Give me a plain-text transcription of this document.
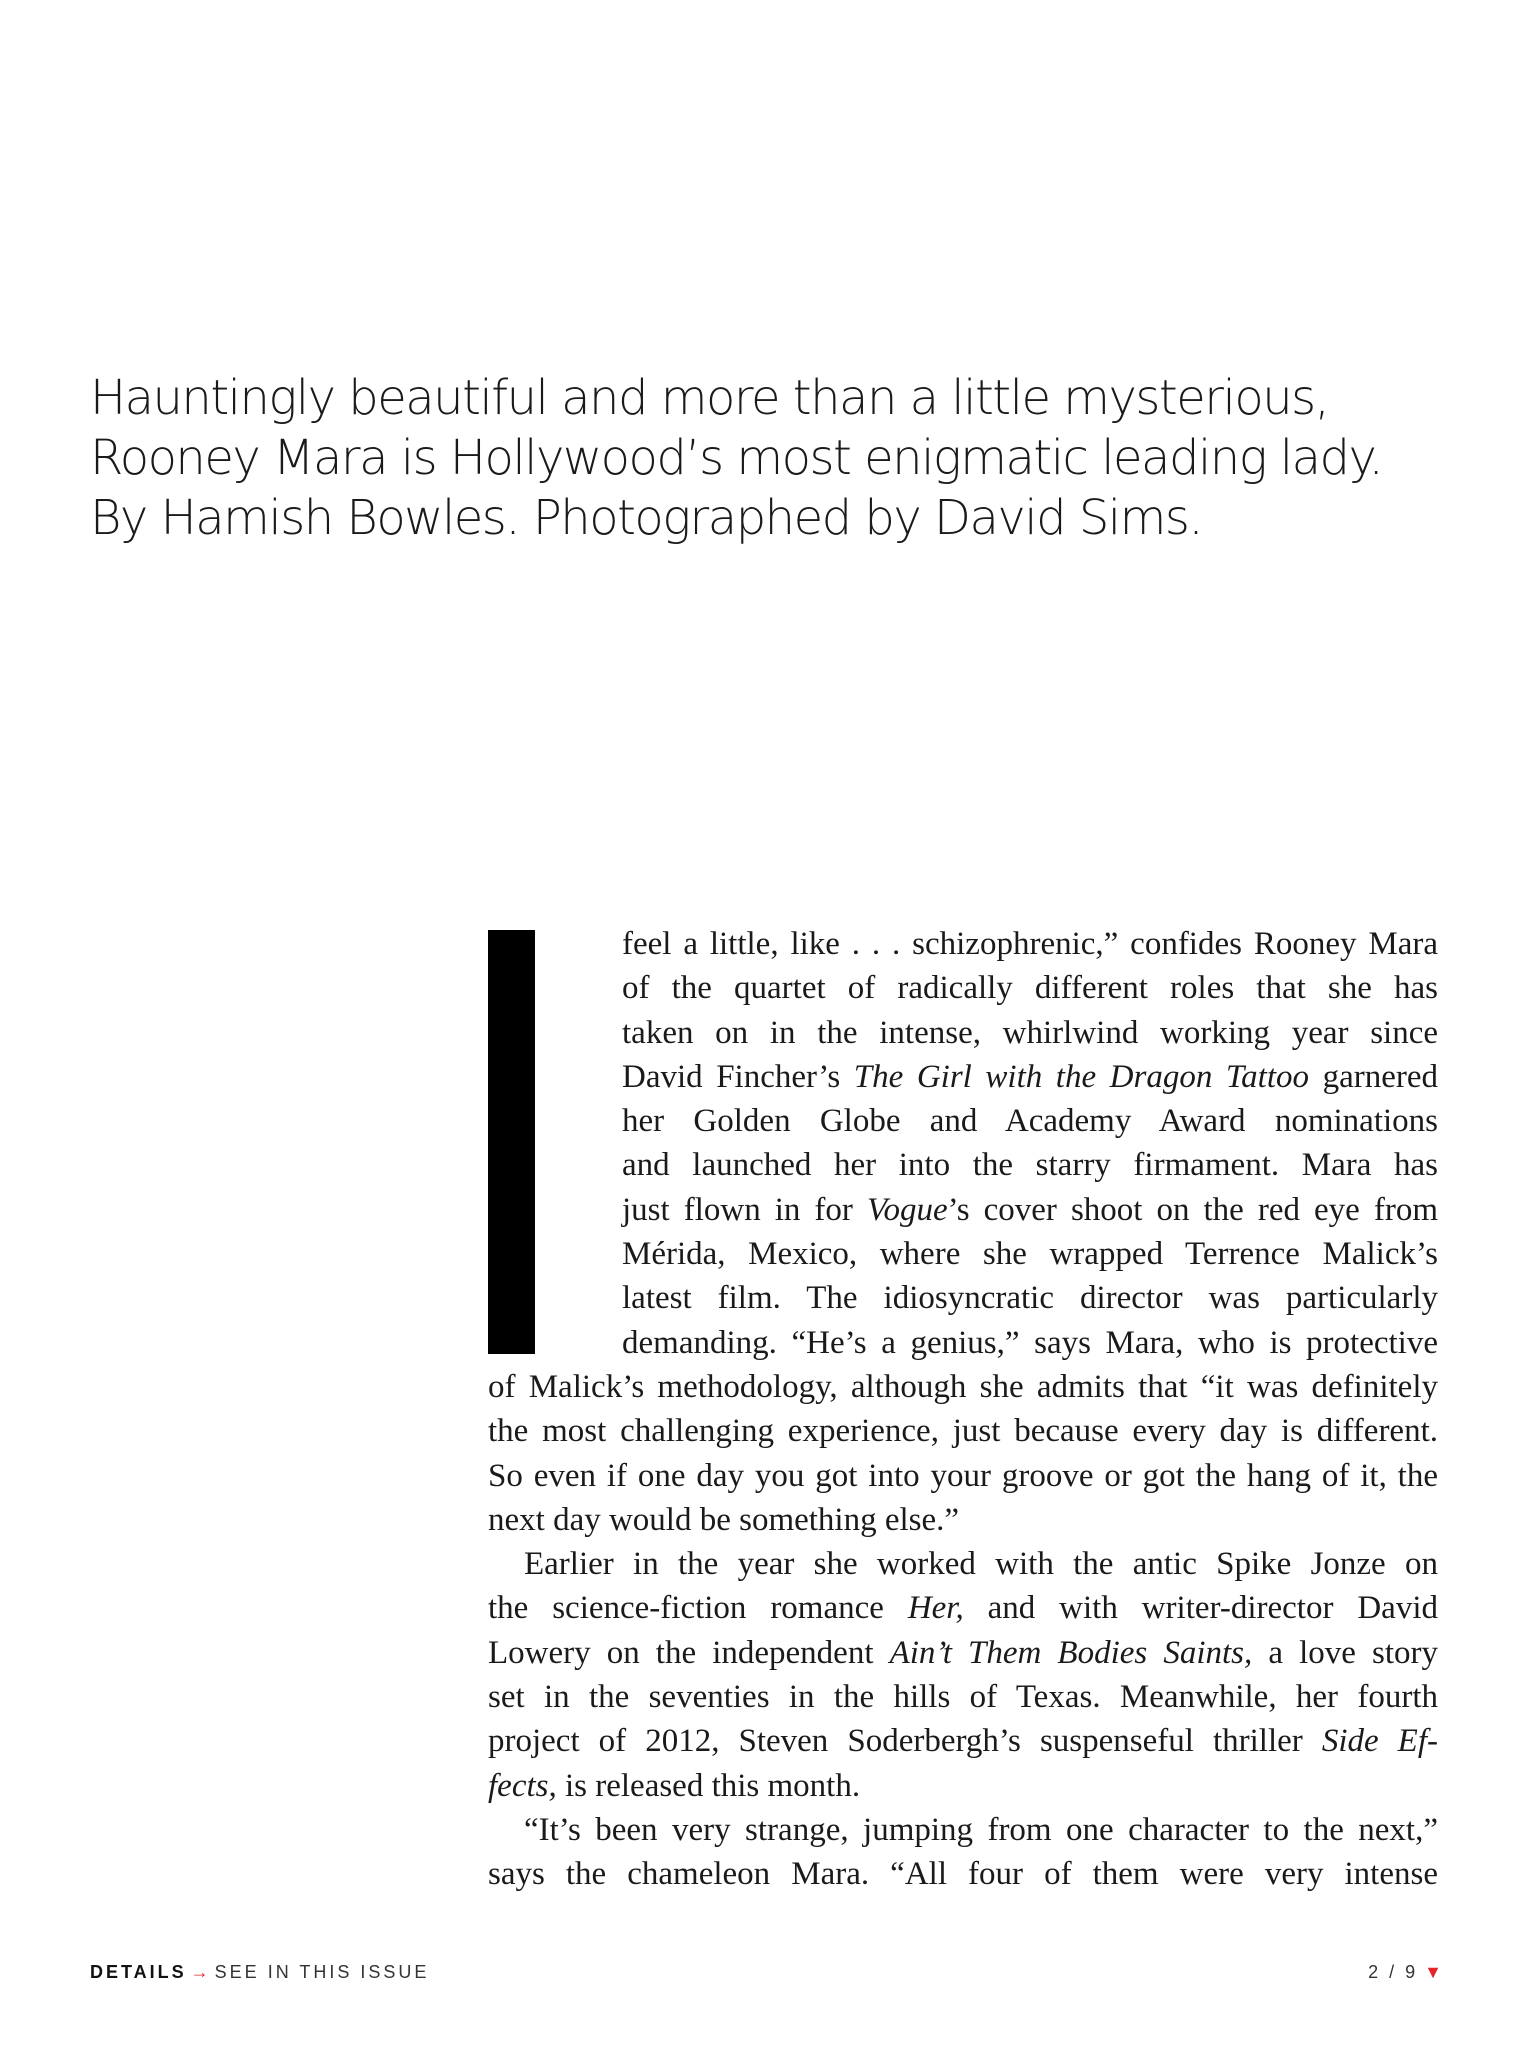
Hauntingly beautiful and more than a little mysterious,
Rooney Mara is Hollywood’s most enigmatic leading lady.
By Hamish Bowles. Photographed by David Sims.
feel a little, like . . . schizophrenic,” confides Rooney Mara
of the quartet of radically different roles that she has
taken on in the intense, whirlwind working year since
David Fincher’s The Girl with the Dragon Tattoo garnered
her Golden Globe and Academy Award nominations
and launched her into the starry firmament. Mara has
just flown in for Vogue’s cover shoot on the red eye from
Mérida, Mexico, where she wrapped Terrence Malick’s
latest film. The idiosyncratic director was particularly
demanding. “He’s a genius,” says Mara, who is protective
of Malick’s methodology, although she admits that “it was definitely
the most challenging experience, just because every day is different.
So even if one day you got into your groove or got the hang of it, the
next day would be something else.”
Earlier in the year she worked with the antic Spike Jonze on
the science-fiction romance Her, and with writer-director David
Lowery on the independent Ain’t Them Bodies Saints, a love story
set in the seventies in the hills of Texas. Meanwhile, her fourth
project of 2012, Steven Soderbergh’s suspenseful thriller Side Ef-
fects, is released this month.
“It’s been very strange, jumping from one character to the next,”
says the chameleon Mara. “All four of them were very intense
DETAILS → SEE IN THIS ISSUE	2 / 9 ▼
